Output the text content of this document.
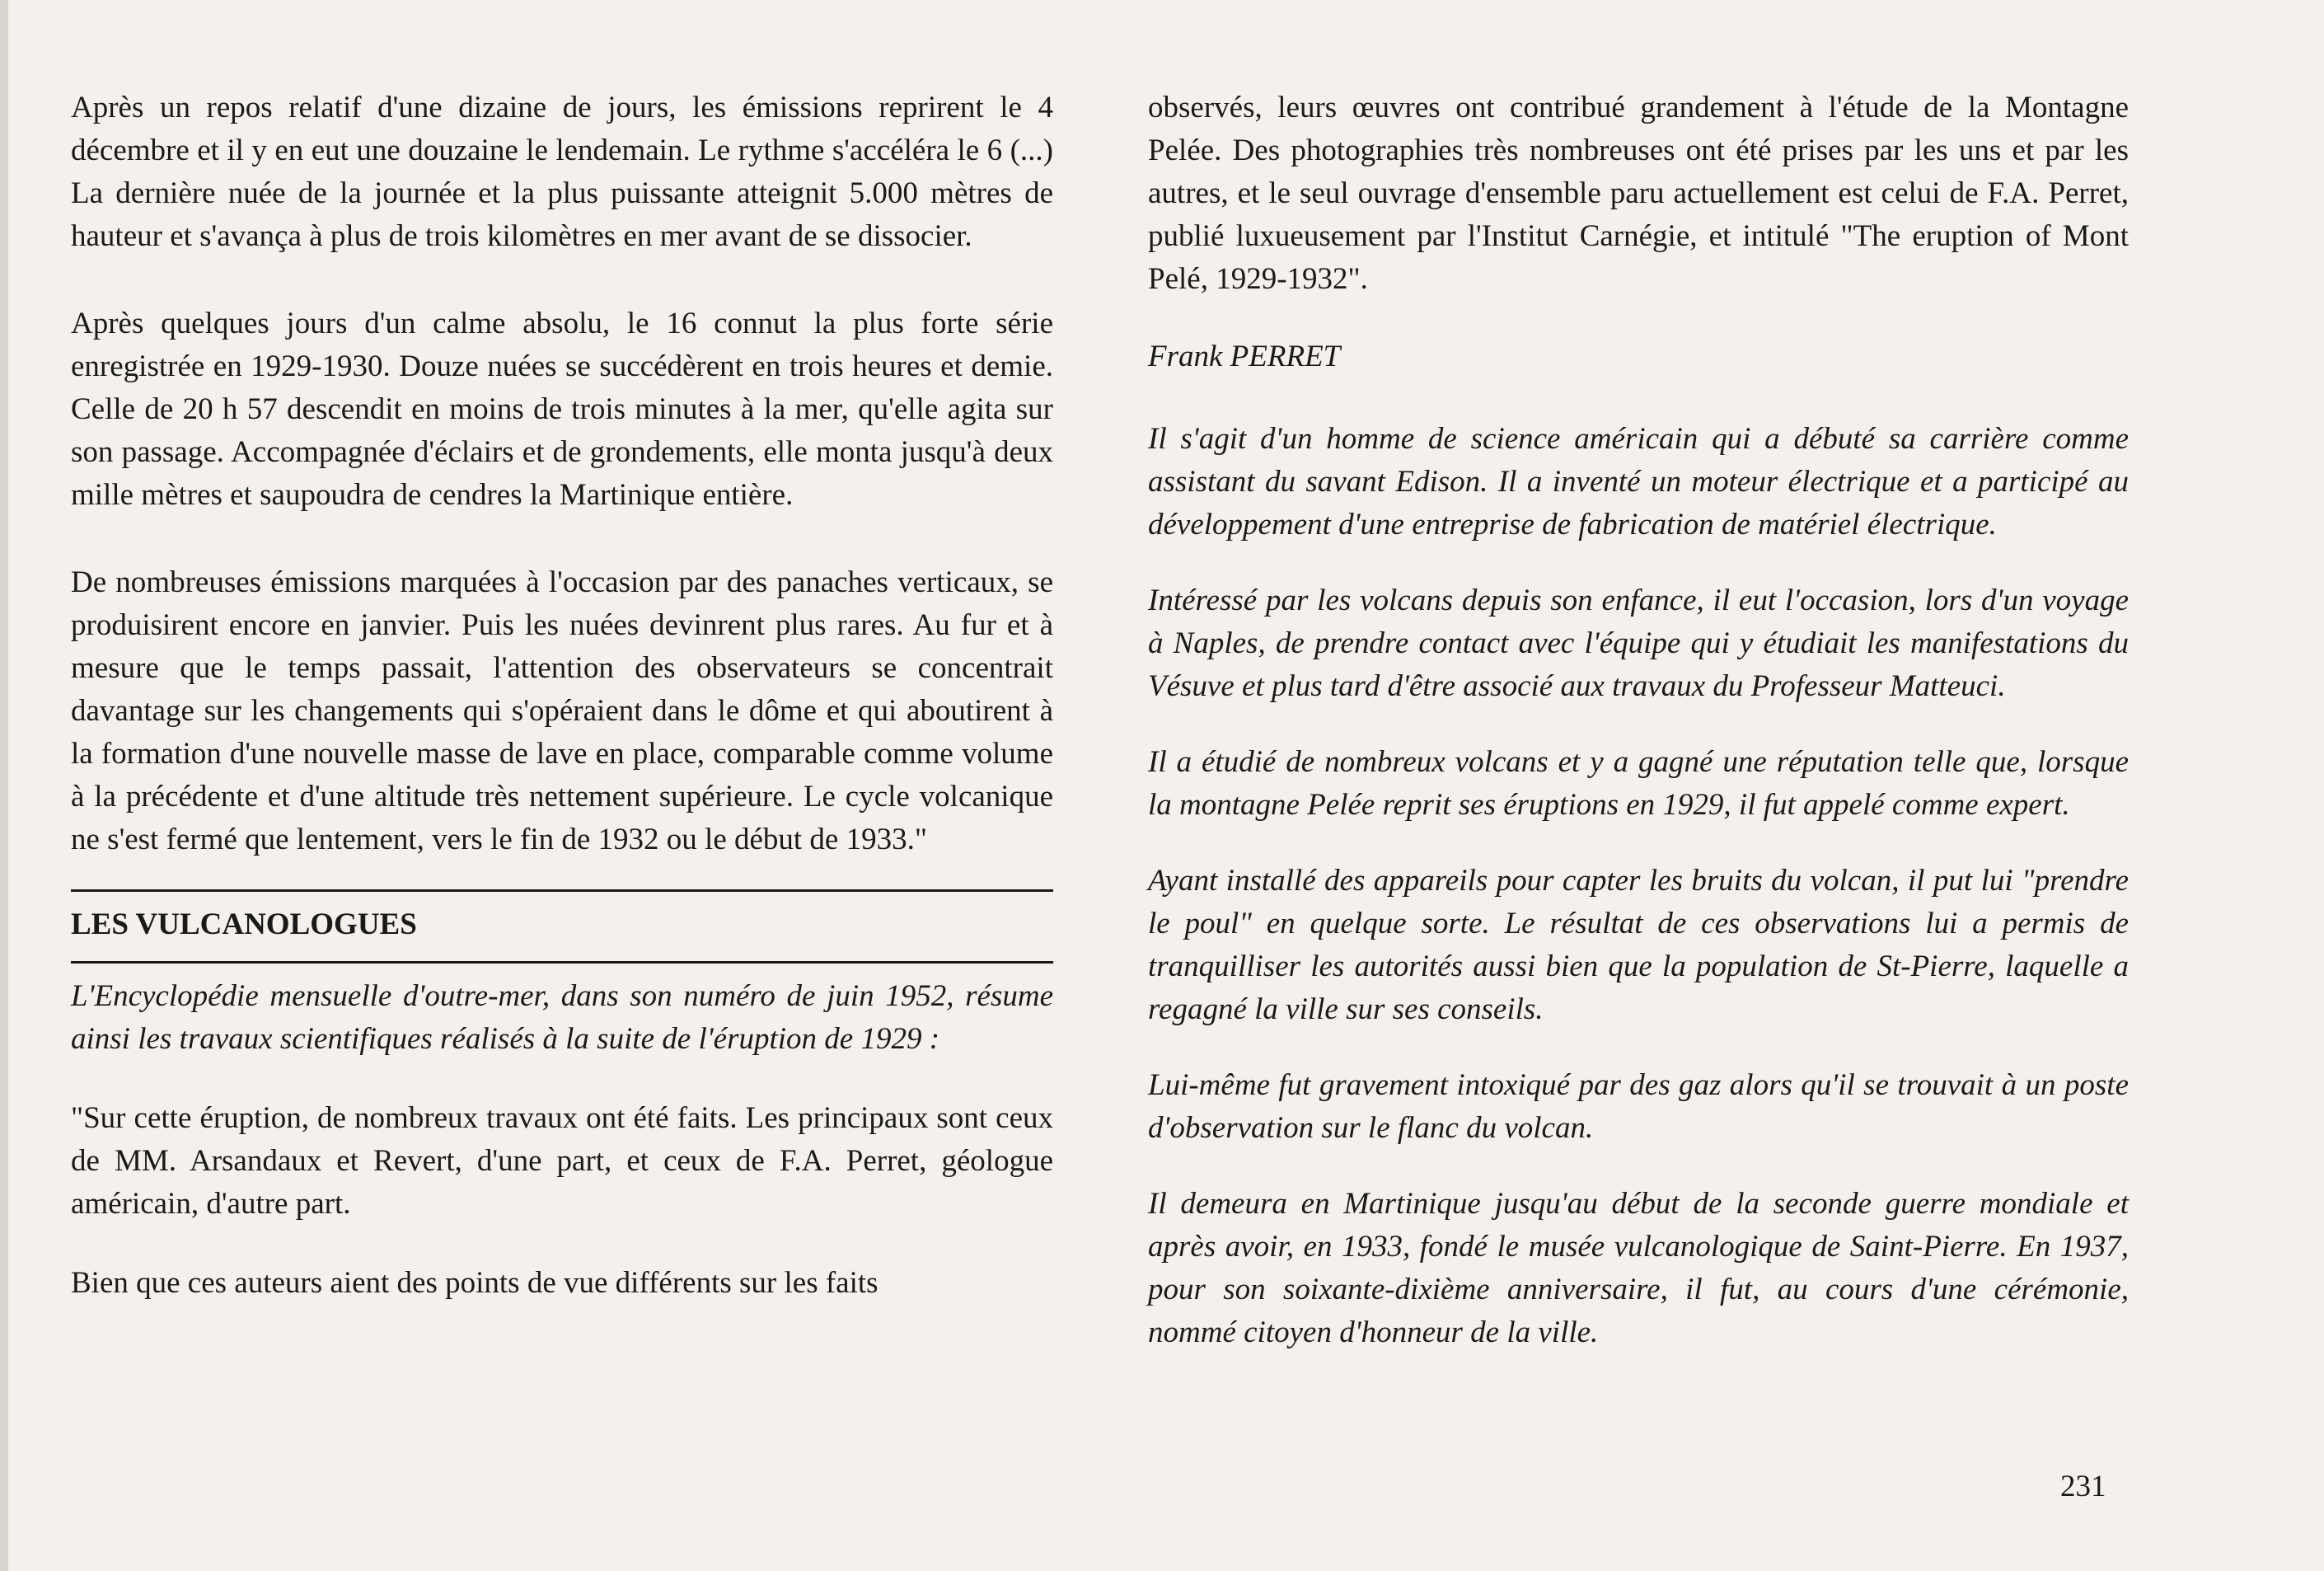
Après un repos relatif d'une dizaine de jours, les émissions reprirent le 4 décembre et il y en eut une douzaine le lendemain. Le rythme s'accéléra le 6 (...) La dernière nuée de la journée et la plus puissante atteignit 5.000 mètres de hauteur et s'avança à plus de trois kilomètres en mer avant de se dissocier.

Après quelques jours d'un calme absolu, le 16 connut la plus forte série enregistrée en 1929-1930. Douze nuées se succédèrent en trois heures et demie. Celle de 20 h 57 descendit en moins de trois minutes à la mer, qu'elle agita sur son passage. Accompagnée d'éclairs et de grondements, elle monta jusqu'à deux mille mètres et saupoudra de cendres la Martinique entière.

De nombreuses émissions marquées à l'occasion par des panaches verticaux, se produisirent encore en janvier. Puis les nuées devinrent plus rares. Au fur et à mesure que le temps passait, l'attention des observateurs se concentrait davantage sur les changements qui s'opéraient dans le dôme et qui aboutirent à la formation d'une nouvelle masse de lave en place, comparable comme volume à la précédente et d'une altitude très nettement supérieure. Le cycle volcanique ne s'est fermé que lentement, vers le fin de 1932 ou le début de 1933."

LES VULCANOLOGUES

L'Encyclopédie mensuelle d'outre-mer, dans son numéro de juin 1952, résume ainsi les travaux scientifiques réalisés à la suite de l'éruption de 1929 :

"Sur cette éruption, de nombreux travaux ont été faits. Les principaux sont ceux de MM. Arsandaux et Revert, d'une part, et ceux de F.A. Perret, géologue américain, d'autre part.

Bien que ces auteurs aient des points de vue différents sur les faits

observés, leurs œuvres ont contribué grandement à l'étude de la Montagne Pelée. Des photographies très nombreuses ont été prises par les uns et par les autres, et le seul ouvrage d'ensemble paru actuellement est celui de F.A. Perret, publié luxueusement par l'Institut Carnégie, et intitulé "The eruption of Mont Pelé, 1929-1932".

Frank PERRET

Il s'agit d'un homme de science américain qui a débuté sa carrière comme assistant du savant Edison. Il a inventé un moteur électrique et a participé au développement d'une entreprise de fabrication de matériel électrique.

Intéressé par les volcans depuis son enfance, il eut l'occasion, lors d'un voyage à Naples, de prendre contact avec l'équipe qui y étudiait les manifestations du Vésuve et plus tard d'être associé aux travaux du Professeur Matteuci.

Il a étudié de nombreux volcans et y a gagné une réputation telle que, lorsque la montagne Pelée reprit ses éruptions en 1929, il fut appelé comme expert.

Ayant installé des appareils pour capter les bruits du volcan, il put lui "prendre le poul" en quelque sorte. Le résultat de ces observations lui a permis de tranquilliser les autorités aussi bien que la population de St-Pierre, laquelle a regagné la ville sur ses conseils.

Lui-même fut gravement intoxiqué par des gaz alors qu'il se trouvait à un poste d'observation sur le flanc du volcan.

Il demeura en Martinique jusqu'au début de la seconde guerre mondiale et après avoir, en 1933, fondé le musée vulcanologique de Saint-Pierre. En 1937, pour son soixante-dixième anniversaire, il fut, au cours d'une cérémonie, nommé citoyen d'honneur de la ville.

231
